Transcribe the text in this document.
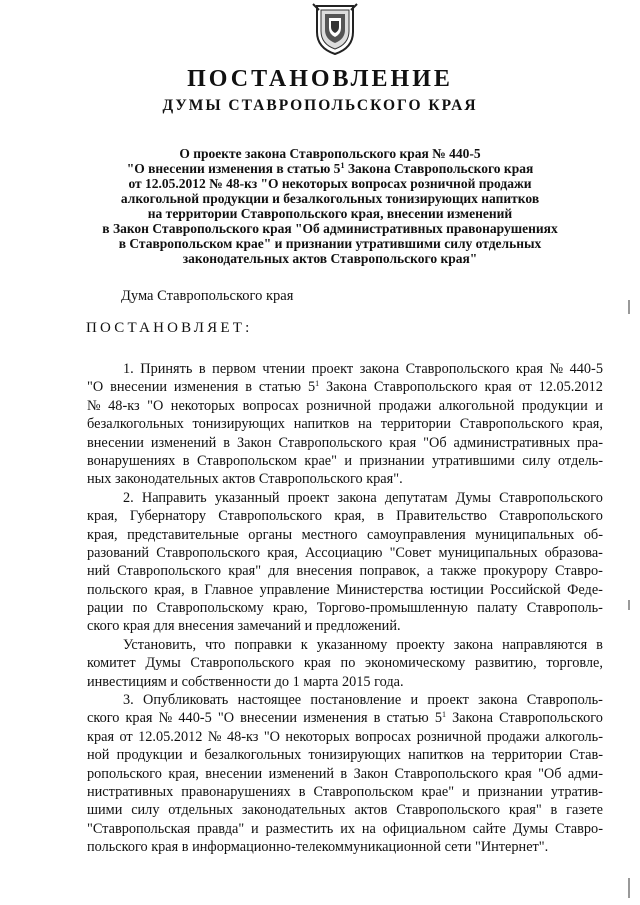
ПОСТАНОВЛЕНИЕ
ДУМЫ СТАВРОПОЛЬСКОГО КРАЯ
О проекте закона Ставропольского края № 440-5
"О внесении изменения в статью $5^1$ Закона Ставропольского края
от 12.05.2012 № 48-кз "О некоторых вопросах розничной продажи
алкогольной продукции и безалкогольных тонизирующих напитков
на территории Ставропольского края, внесении изменений
в Закон Ставропольского края "Об административных правонарушениях
в Ставропольском крае" и признании утратившими силу отдельных
законодательных актов Ставропольского края"
Дума Ставропольского края
ПОСТАНОВЛЯЕТ:
1. Принять в первом чтении проект закона Ставропольского края № 440-5
"О внесении изменения в статью $5^1$ Закона Ставропольского края от 12.05.2012
№ 48-кз "О некоторых вопросах розничной продажи алкогольной продукции и
безалкогольных тонизирующих напитков на территории Ставропольского края,
внесении изменений в Закон Ставропольского края "Об административных пра-
вонарушениях в Ставропольском крае" и признании утратившими силу отдель-
ных законодательных актов Ставропольского края".
2. Направить указанный проект закона депутатам Думы Ставропольского
края, Губернатору Ставропольского края, в Правительство Ставропольского
края, представительные органы местного самоуправления муниципальных об-
разований Ставропольского края, Ассоциацию "Совет муниципальных образова-
ний Ставропольского края" для внесения поправок, а также прокурору Ставро-
польского края, в Главное управление Министерства юстиции Российской Феде-
рации по Ставропольскому краю, Торгово-промышленную палату Ставрополь-
ского края для внесения замечаний и предложений.
Установить, что поправки к указанному проекту закона направляются в
комитет Думы Ставропольского края по экономическому развитию, торговле,
инвестициям и собственности до 1 марта 2015 года.
3. Опубликовать настоящее постановление и проект закона Ставрополь-
ского края № 440-5 "О внесении изменения в статью $5^1$ Закона Ставропольского
края от 12.05.2012 № 48-кз "О некоторых вопросах розничной продажи алкоголь-
ной продукции и безалкогольных тонизирующих напитков на территории Став-
ропольского края, внесении изменений в Закон Ставропольского края "Об адми-
нистративных правонарушениях в Ставропольском крае" и признании утратив-
шими силу отдельных законодательных актов Ставропольского края" в газете
"Ставропольская правда" и разместить их на официальном сайте Думы Ставро-
польского края в информационно-телекоммуникационной сети "Интернет".
